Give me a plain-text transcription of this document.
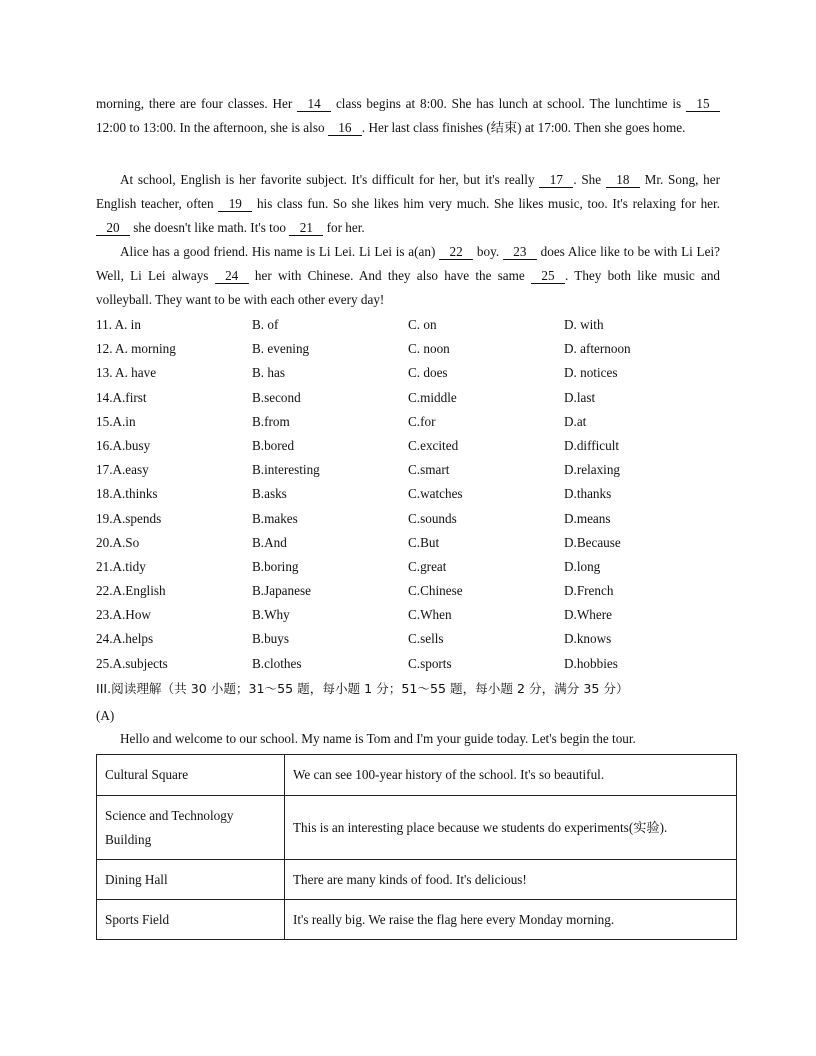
morning, there are four classes. Her 14 class begins at 8:00. She has lunch at school. The lunchtime is 15 12:00 to 13:00. In the afternoon, she is also 16 . Her last class finishes (结束) at 17:00. Then she goes home.

At school, English is her favorite subject. It's difficult for her, but it's really 17 . She 18 Mr. Song, her English teacher, often 19 his class fun. So she likes him very much. She likes music, too. It's relaxing for her. 20 she doesn't like math. It's too 21 for her.

Alice has a good friend. His name is Li Lei. Li Lei is a(an) 22 boy. 23 does Alice like to be with Li Lei? Well, Li Lei always 24 her with Chinese. And they also have the same 25 . They both like music and volleyball. They want to be with each other every day!

11. A. in	B. of	C. on	D. with
12. A. morning	B. evening	C. noon	D. afternoon
13. A. have	B. has	C. does	D. notices
14.A.first	B.second	C.middle	D.last
15.A.in	B.from	C.for	D.at
16.A.busy	B.bored	C.excited	D.difficult
17.A.easy	B.interesting	C.smart	D.relaxing
18.A.thinks	B.asks	C.watches	D.thanks
19.A.spends	B.makes	C.sounds	D.means
20.A.So	B.And	C.But	D.Because
21.A.tidy	B.boring	C.great	D.long
22.A.English	B.Japanese	C.Chinese	D.French
23.A.How	B.Why	C.When	D.Where
24.A.helps	B.buys	C.sells	D.knows
25.A.subjects	B.clothes	C.sports	D.hobbies
III.阅读理解（共 30 小题；31～55 题，每小题 1 分；51～55 题，每小题 2 分，满分 35 分）
(A)
Hello and welcome to our school. My name is Tom and I'm your guide today. Let's begin the tour.
Cultural Square	We can see 100-year history of the school. It's so beautiful.
Science and Technology Building	This is an interesting place because we students do experiments(实验).
Dining Hall	There are many kinds of food. It's delicious!
Sports Field	It's really big. We raise the flag here every Monday morning.
